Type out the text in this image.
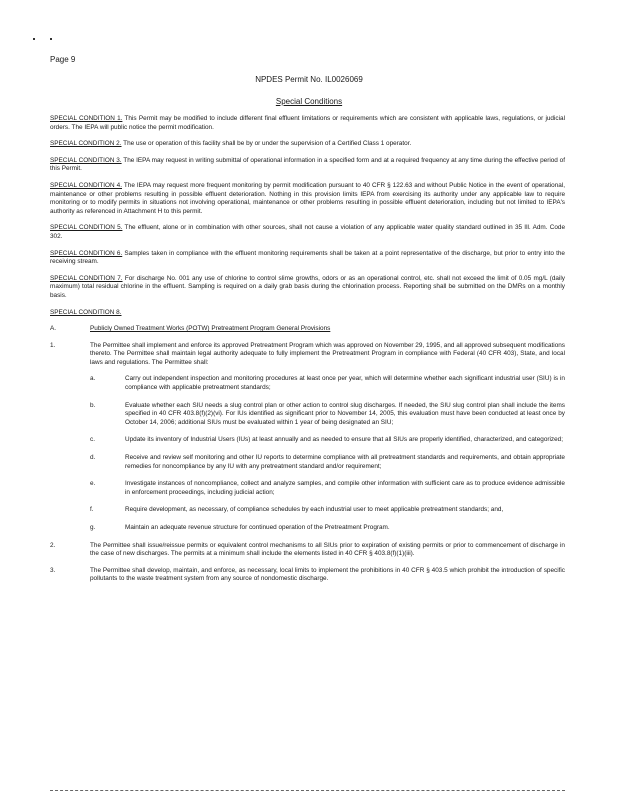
Page 9
NPDES Permit No. IL0026069
Special Conditions

SPECIAL CONDITION 1. This Permit may be modified to include different final effluent limitations or requirements which are consistent with applicable laws, regulations, or judicial orders. The IEPA will public notice the permit modification.

SPECIAL CONDITION 2. The use or operation of this facility shall be by or under the supervision of a Certified Class 1 operator.

SPECIAL CONDITION 3. The IEPA may request in writing submittal of operational information in a specified form and at a required frequency at any time during the effective period of this Permit.

SPECIAL CONDITION 4. The IEPA may request more frequent monitoring by permit modification pursuant to 40 CFR § 122.63 and without Public Notice in the event of operational, maintenance or other problems resulting in possible effluent deterioration. Nothing in this provision limits IEPA from exercising its authority under any applicable law to require monitoring or to modify permits in situations not involving operational, maintenance or other problems resulting in possible effluent deterioration, including but not limited to IEPA's authority as referenced in Attachment H to this permit.

SPECIAL CONDITION 5. The effluent, alone or in combination with other sources, shall not cause a violation of any applicable water quality standard outlined in 35 Ill. Adm. Code 302.

SPECIAL CONDITION 6. Samples taken in compliance with the effluent monitoring requirements shall be taken at a point representative of the discharge, but prior to entry into the receiving stream.

SPECIAL CONDITION 7. For discharge No. 001 any use of chlorine to control slime growths, odors or as an operational control, etc. shall not exceed the limit of 0.05 mg/L (daily maximum) total residual chlorine in the effluent. Sampling is required on a daily grab basis during the chlorination process. Reporting shall be submitted on the DMRs on a monthly basis.

SPECIAL CONDITION 8.

A.	Publicly Owned Treatment Works (POTW) Pretreatment Program General Provisions
1.	The Permittee shall implement and enforce its approved Pretreatment Program which was approved on November 29, 1995, and all approved subsequent modifications thereto. The Permittee shall maintain legal authority adequate to fully implement the Pretreatment Program in compliance with Federal (40 CFR 403), State, and local laws and regulations. The Permittee shall:
a.	Carry out independent inspection and monitoring procedures at least once per year, which will determine whether each significant industrial user (SIU) is in compliance with applicable pretreatment standards;
b.	Evaluate whether each SIU needs a slug control plan or other action to control slug discharges. If needed, the SIU slug control plan shall include the items specified in 40 CFR 403.8(f)(2)(vi). For IUs identified as significant prior to November 14, 2005, this evaluation must have been conducted at least once by October 14, 2006; additional SIUs must be evaluated within 1 year of being designated an SIU;
c.	Update its inventory of Industrial Users (IUs) at least annually and as needed to ensure that all SIUs are properly identified, characterized, and categorized;
d.	Receive and review self monitoring and other IU reports to determine compliance with all pretreatment standards and requirements, and obtain appropriate remedies for noncompliance by any IU with any pretreatment standard and/or requirement;
e.	Investigate instances of noncompliance, collect and analyze samples, and compile other information with sufficient care as to produce evidence admissible in enforcement proceedings, including judicial action;
f.	Require development, as necessary, of compliance schedules by each industrial user to meet applicable pretreatment standards; and,
g.	Maintain an adequate revenue structure for continued operation of the Pretreatment Program.
2.	The Permittee shall issue/reissue permits or equivalent control mechanisms to all SIUs prior to expiration of existing permits or prior to commencement of discharge in the case of new discharges. The permits at a minimum shall include the elements listed in 40 CFR § 403.8(f)(1)(iii).
3.	The Permittee shall develop, maintain, and enforce, as necessary, local limits to implement the prohibitions in 40 CFR § 403.5 which prohibit the introduction of specific pollutants to the waste treatment system from any source of nondomestic discharge.
